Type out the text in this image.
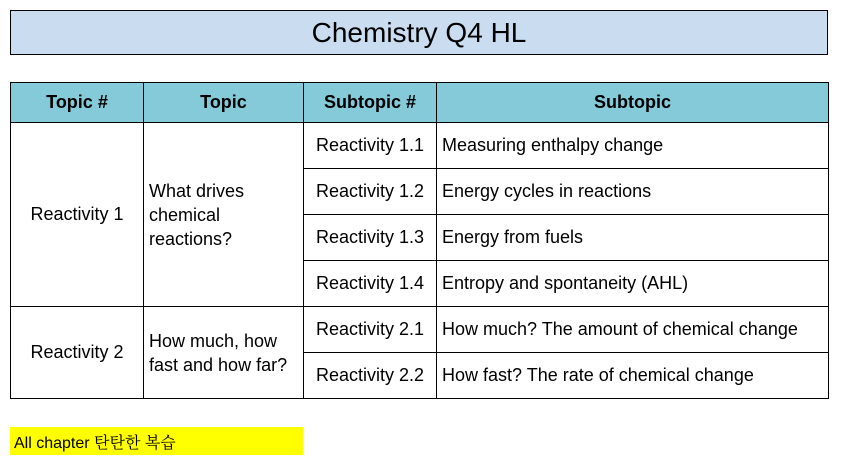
Chemistry Q4 HL
Topic #	Topic	Subtopic #	Subtopic
Reactivity 1	What drives chemical reactions?	Reactivity 1.1	Measuring enthalpy change
		Reactivity 1.2	Energy cycles in reactions
		Reactivity 1.3	Energy from fuels
		Reactivity 1.4	Entropy and spontaneity (AHL)
Reactivity 2	How much, how fast and how far?	Reactivity 2.1	How much? The amount of chemical change
		Reactivity 2.2	How fast? The rate of chemical change
All chapter 탄탄한 복습
